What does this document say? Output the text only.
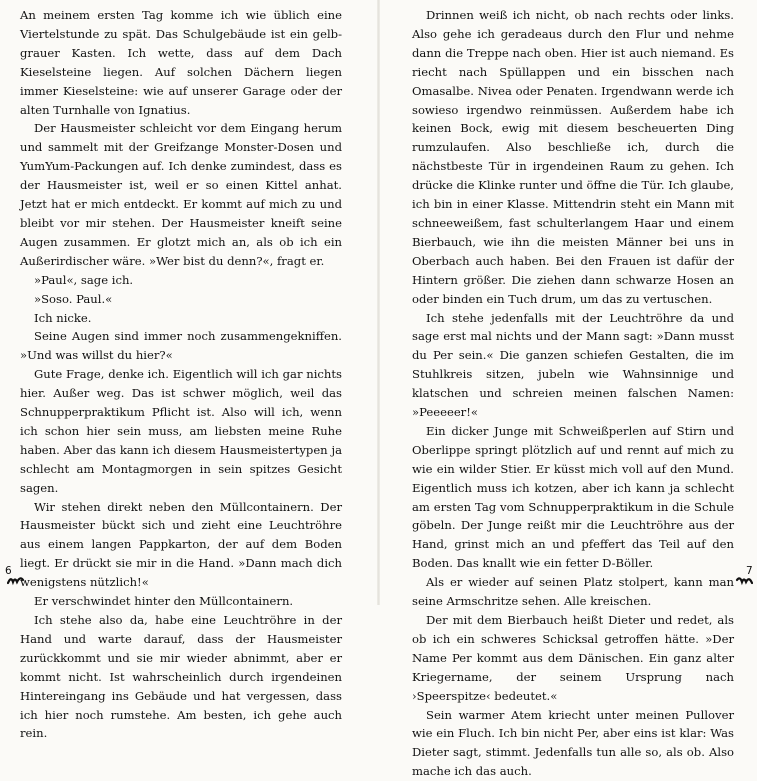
An meinem ersten Tag komme ich wie üblich eine Viertelstunde zu spät. Das Schulgebäude ist ein gelb-grauer Kasten. Ich wette, dass auf dem Dach Kieselsteine liegen. Auf solchen Dächern liegen immer Kieselsteine: wie auf unserer Garage oder der alten Turnhalle von Ignatius.

Der Hausmeister schleicht vor dem Eingang herum und sammelt mit der Greifzange Monster-Dosen und YumYum-Packungen auf. Ich denke zumindest, dass es der Hausmeister ist, weil er so einen Kittel anhat. Jetzt hat er mich entdeckt. Er kommt auf mich zu und bleibt vor mir stehen. Der Hausmeister kneift seine Augen zusammen. Er glotzt mich an, als ob ich ein Außerirdischer wäre. »Wer bist du denn?«, fragt er.

»Paul«, sage ich.

»Soso. Paul.«

Ich nicke.

Seine Augen sind immer noch zusammengekniffen. »Und was willst du hier?«

Gute Frage, denke ich. Eigentlich will ich gar nichts hier. Außer weg. Das ist schwer möglich, weil das Schnupperpraktikum Pflicht ist. Also will ich, wenn ich schon hier sein muss, am liebsten meine Ruhe haben. Aber das kann ich diesem Hausmeistertypen ja schlecht am Montagmorgen in sein spitzes Gesicht sagen.

Wir stehen direkt neben den Müllcontainern. Der Hausmeister bückt sich und zieht eine Leuchtröhre aus einem langen Pappkarton, der auf dem Boden liegt. Er drückt sie mir in die Hand. »Dann mach dich wenigstens nützlich!«

Er verschwindet hinter den Müllcontainern.

Ich stehe also da, habe eine Leuchtröhre in der Hand und warte darauf, dass der Hausmeister zurückkommt und sie mir wieder abnimmt, aber er kommt nicht. Ist wahrscheinlich durch irgendeinen Hintereingang ins Gebäude und hat vergessen, dass ich hier noch rumstehe. Am besten, ich gehe auch rein.

Drinnen weiß ich nicht, ob nach rechts oder links. Also gehe ich geradeaus durch den Flur und nehme dann die Treppe nach oben. Hier ist auch niemand. Es riecht nach Spüllappen und ein bisschen nach Omasalbe. Nivea oder Penaten. Irgendwann werde ich sowieso irgendwo reinmüssen. Außerdem habe ich keinen Bock, ewig mit diesem bescheuerten Ding rumzulaufen. Also beschließe ich, durch die nächstbeste Tür in irgendeinen Raum zu gehen. Ich drücke die Klinke runter und öffne die Tür. Ich glaube, ich bin in einer Klasse. Mittendrin steht ein Mann mit schneeweißem, fast schulterlangem Haar und einem Bierbauch, wie ihn die meisten Männer bei uns in Oberbach auch haben. Bei den Frauen ist dafür der Hintern größer. Die ziehen dann schwarze Hosen an oder binden ein Tuch drum, um das zu vertuschen.

Ich stehe jedenfalls mit der Leuchtröhre da und sage erst mal nichts und der Mann sagt: »Dann musst du Per sein.« Die ganzen schiefen Gestalten, die im Stuhlkreis sitzen, jubeln wie Wahnsinnige und klatschen und schreien meinen falschen Namen: »Peeeeer!«

Ein dicker Junge mit Schweißperlen auf Stirn und Oberlippe springt plötzlich auf und rennt auf mich zu wie ein wilder Stier. Er küsst mich voll auf den Mund. Eigentlich muss ich kotzen, aber ich kann ja schlecht am ersten Tag vom Schnupperpraktikum in die Schule göbeln. Der Junge reißt mir die Leuchtröhre aus der Hand, grinst mich an und pfeffert das Teil auf den Boden. Das knallt wie ein fetter D-Böller.

Als er wieder auf seinen Platz stolpert, kann man seine Armschritze sehen. Alle kreischen.

Der mit dem Bierbauch heißt Dieter und redet, als ob ich ein schweres Schicksal getroffen hätte. »Der Name Per kommt aus dem Dänischen. Ein ganz alter Kriegername, der seinem Ursprung nach ›Speerspitze‹ bedeutet.«

Sein warmer Atem kriecht unter meinen Pullover wie ein Fluch. Ich bin nicht Per, aber eins ist klar: Was Dieter sagt, stimmt. Jedenfalls tun alle so, als ob. Also mache ich das auch.

6	7
